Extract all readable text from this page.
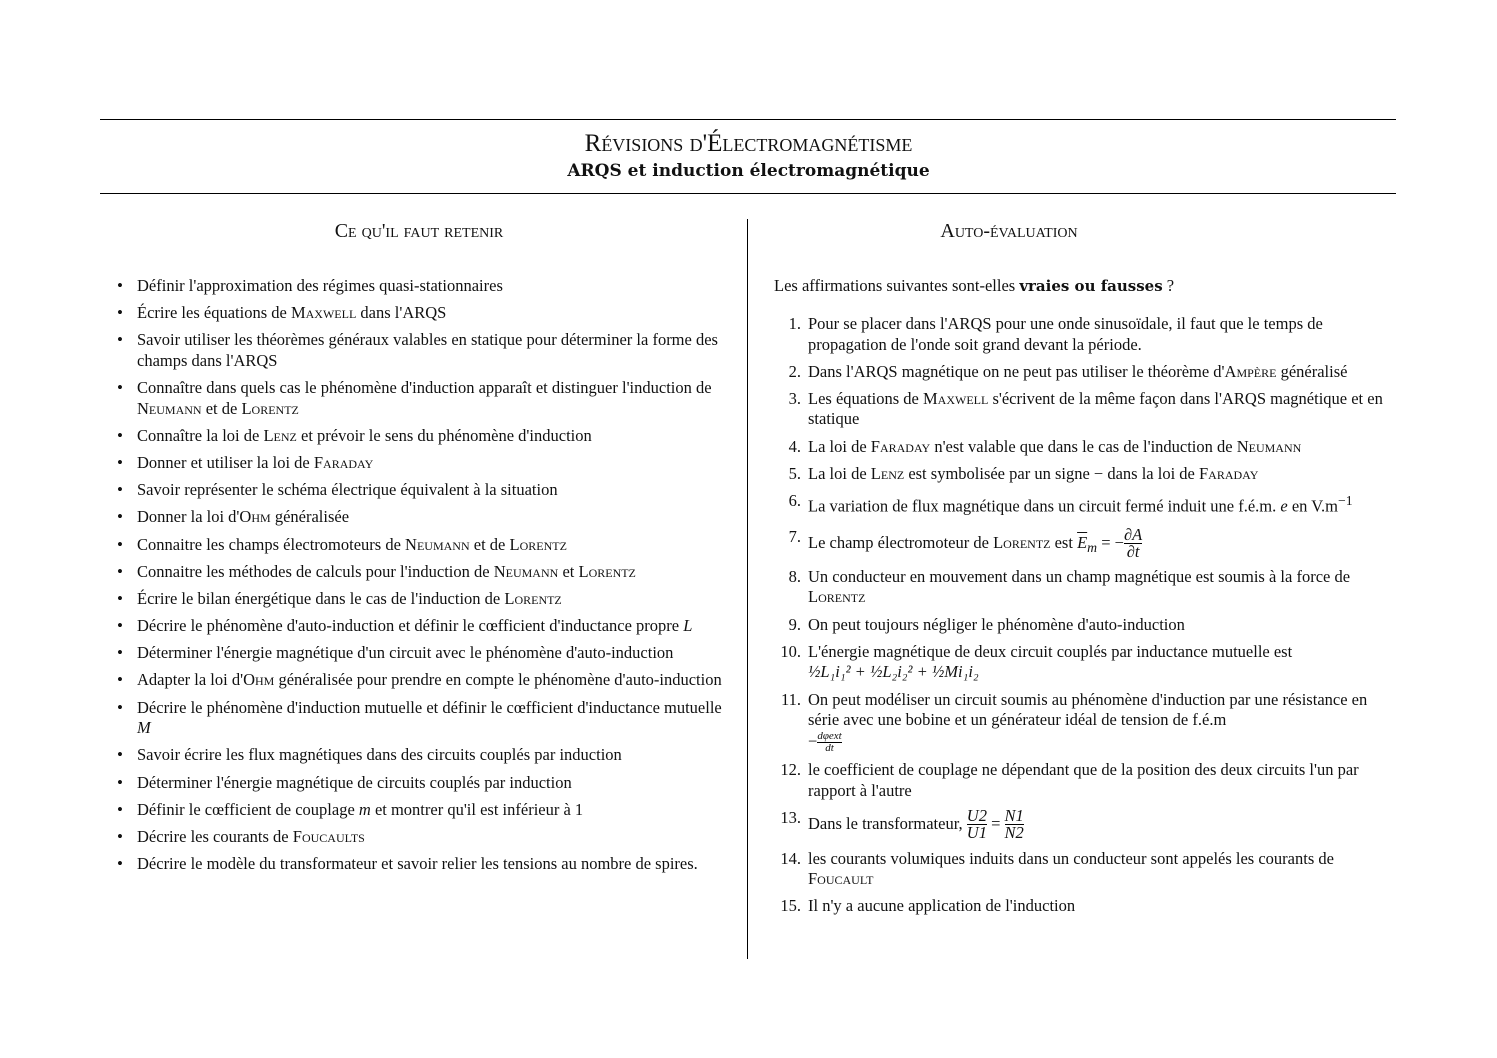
Révisions d'Électromagnétisme
ARQS et induction électromagnétique
Ce qu'il faut retenir	Auto-évaluation
• Définir l'approximation des régimes quasi-stationnaires
• Écrire les équations de Maxwell dans l'ARQS
• Savoir utiliser les théorèmes généraux valables en statique pour déterminer la forme des champs dans l'ARQS
• Connaître dans quels cas le phénomène d'induction apparaît et distinguer l'induction de Neumann et de Lorentz
• Connaître la loi de Lenz et prévoir le sens du phénomène d'induction
• Donner et utiliser la loi de Faraday
• Savoir représenter le schéma électrique équivalent à la situation
• Donner la loi d'Ohm généralisée
• Connaitre les champs électromoteurs de Neumann et de Lorentz
• Connaitre les méthodes de calculs pour l'induction de Neumann et Lorentz
• Écrire le bilan énergétique dans le cas de l'induction de Lorentz
• Décrire le phénomène d'auto-induction et définir le cœfficient d'inductance propre L
• Déterminer l'énergie magnétique d'un circuit avec le phénomène d'auto-induction
• Adapter la loi d'Ohm généralisée pour prendre en compte le phénomène d'auto-induction
• Décrire le phénomène d'induction mutuelle et définir le cœfficient d'inductance mutuelle M
• Savoir écrire les flux magnétiques dans des circuits couplés par induction
• Déterminer l'énergie magnétique de circuits couplés par induction
• Définir le cœfficient de couplage m et montrer qu'il est inférieur à 1
• Décrire les courants de Foucaults
• Décrire le modèle du transformateur et savoir relier les tensions au nombre de spires.
Les affirmations suivantes sont-elles vraies ou fausses ?
1. Pour se placer dans l'ARQS pour une onde sinusoïdale, il faut que le temps de propagation de l'onde soit grand devant la période.
2. Dans l'ARQS magnétique on ne peut pas utiliser le théorème d'Ampère généralisé
3. Les équations de Maxwell s'écrivent de la même façon dans l'ARQS magnétique et en statique
4. La loi de Faraday n'est valable que dans le cas de l'induction de Neumann
5. La loi de Lenz est symbolisée par un signe − dans la loi de Faraday
6. La variation de flux magnétique dans un circuit fermé induit une f.é.m. e en $V.m^{-1}$
7. Le champ électromoteur de Lorentz est $\overline{E}_m$ = − $\frac{\partial A}{\partial t}$
8. Un conducteur en mouvement dans un champ magnétique est soumis à la force de Lorentz
9. On peut toujours négliger le phénomène d'auto-induction
10. L'énergie magnétique de deux circuit couplés par inductance mutuelle est
½L₁i₁² + ½L₂i₂² + ½Mi₁i₂
11. On peut modéliser un circuit soumis au phénomène d'induction par une résistance en série avec une bobine et un générateur idéal de tension de f.é.m
− $\frac{\text{dφext}}{dt}$
12. le coefficient de couplage ne dépendant que de la position des deux circuits l'un par rapport à l'autre
13. Dans le transformateur, $\frac{U2}{U1} = \frac{N1}{N2}$
14. les courants voluміques induits dans un conducteur sont appelés les courants de Foucault
15. Il n'y a aucune application de l'induction
